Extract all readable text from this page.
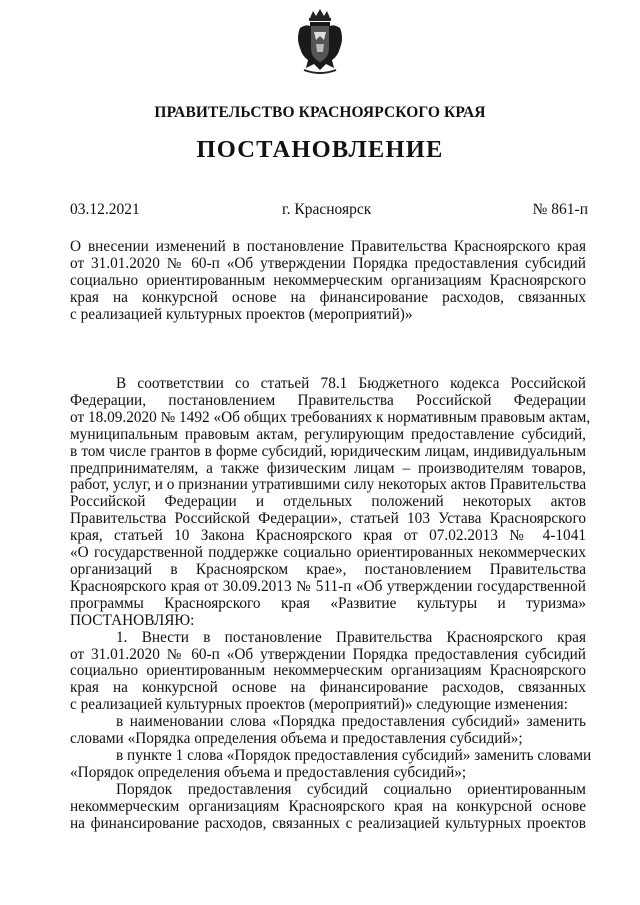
ПРАВИТЕЛЬСТВО КРАСНОЯРСКОГО КРАЯ
ПОСТАНОВЛЕНИЕ
03.12.2021	г. Красноярск	№ 861-п
О внесении изменений в постановление Правительства Красноярского края
от 31.01.2020 № 60-п «Об утверждении Порядка предоставления субсидий
социально ориентированным некоммерческим организациям Красноярского
края на конкурсной основе на финансирование расходов, связанных
с реализацией культурных проектов (мероприятий)»
В соответствии со статьей 78.1 Бюджетного кодекса Российской
Федерации, постановлением Правительства Российской Федерации
от 18.09.2020 № 1492 «Об общих требованиях к нормативным правовым актам,
муниципальным правовым актам, регулирующим предоставление субсидий,
в том числе грантов в форме субсидий, юридическим лицам, индивидуальным
предпринимателям, а также физическим лицам – производителям товаров,
работ, услуг, и о признании утратившими силу некоторых актов Правительства
Российской Федерации и отдельных положений некоторых актов
Правительства Российской Федерации», статьей 103 Устава Красноярского
края, статьей 10 Закона Красноярского края от 07.02.2013 № 4-1041
«О государственной поддержке социально ориентированных некоммерческих
организаций в Красноярском крае», постановлением Правительства
Красноярского края от 30.09.2013 № 511-п «Об утверждении государственной
программы Красноярского края «Развитие культуры и туризма»
ПОСТАНОВЛЯЮ:
1. Внести в постановление Правительства Красноярского края
от 31.01.2020 № 60-п «Об утверждении Порядка предоставления субсидий
социально ориентированным некоммерческим организациям Красноярского
края на конкурсной основе на финансирование расходов, связанных
с реализацией культурных проектов (мероприятий)» следующие изменения:
в наименовании слова «Порядка предоставления субсидий» заменить
словами «Порядка определения объема и предоставления субсидий»;
в пункте 1 слова «Порядок предоставления субсидий» заменить словами
«Порядок определения объема и предоставления субсидий»;
Порядок предоставления субсидий социально ориентированным
некоммерческим организациям Красноярского края на конкурсной основе
на финансирование расходов, связанных с реализацией культурных проектов
